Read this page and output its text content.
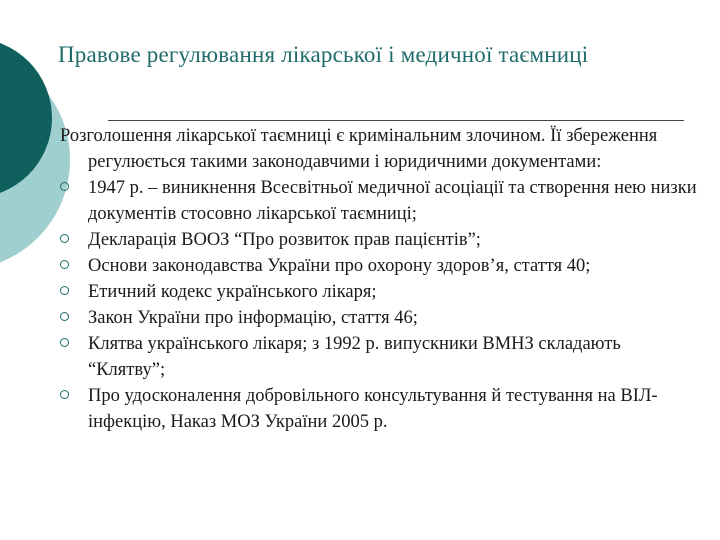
Правове регулювання лікарської і медичної таємниці

Розголошення лікарської таємниці є кримінальним злочином. Її збереження регулюється такими законодавчими і юридичними документами:

1947 р. – виникнення Всесвітньої медичної асоціації та створення нею низки документів стосовно лікарської таємниці;
Декларація ВООЗ “Про розвиток прав пацієнтів”;
Основи законодавства України про охорону здоров’я, стаття 40;
Етичний кодекс українського лікаря;
Закон України про інформацію, стаття 46;
Клятва українського лікаря; з 1992 р. випускники ВМНЗ складають “Клятву”;
Про удосконалення добровільного консультування й тестування на ВІЛ-інфекцію, Наказ МОЗ України 2005 р.
